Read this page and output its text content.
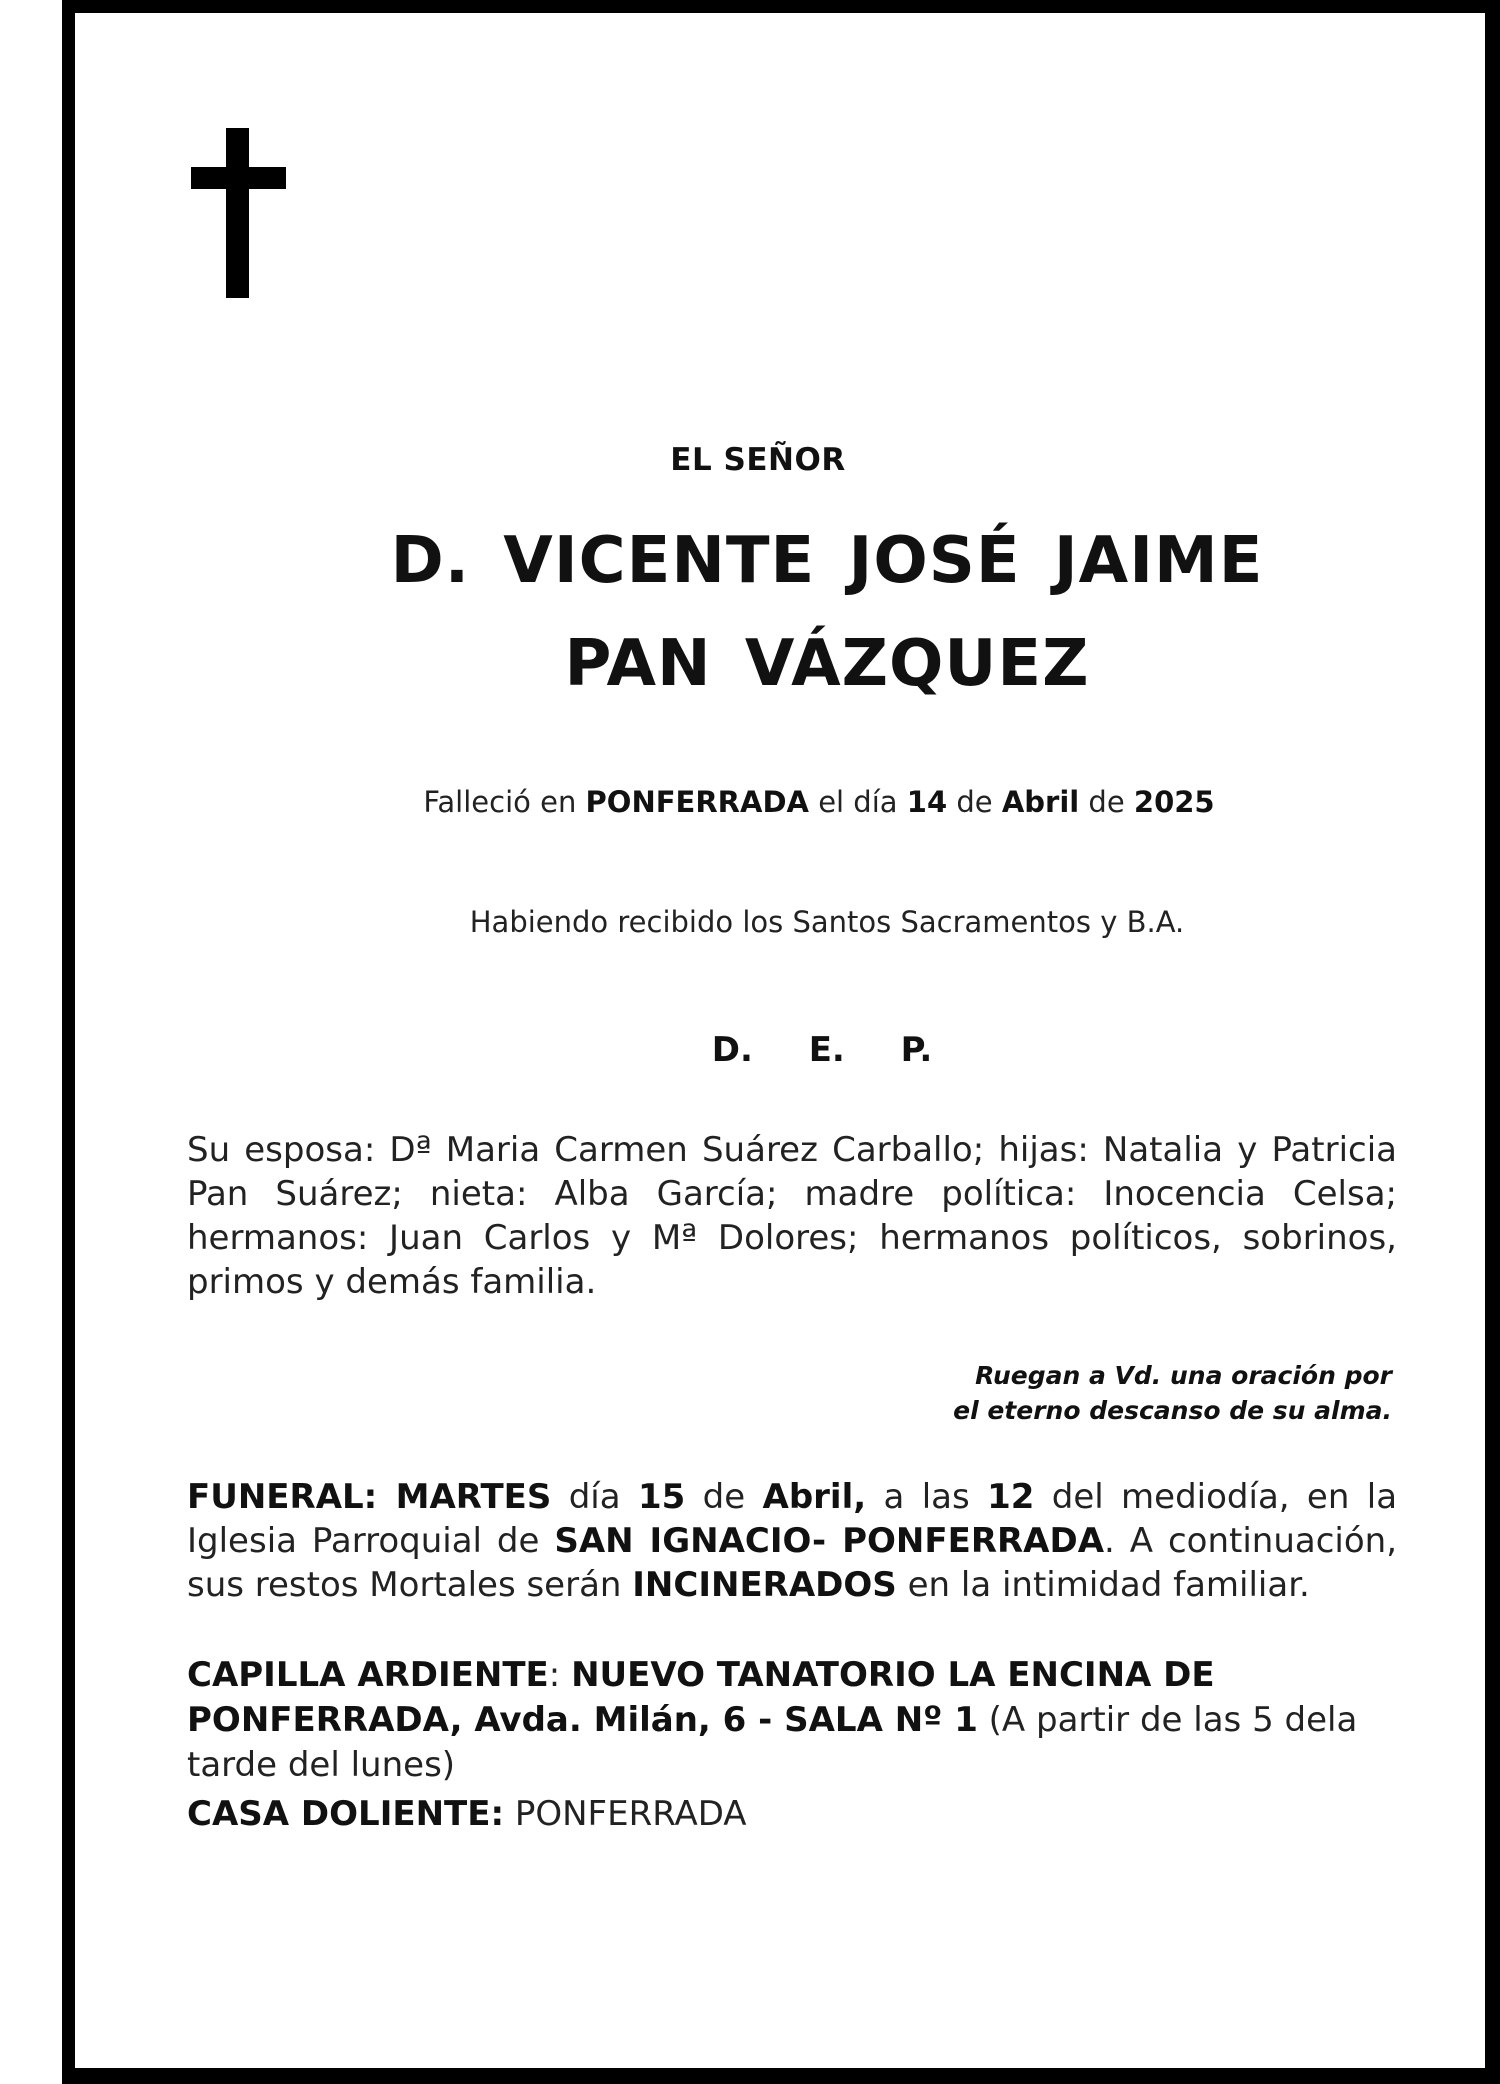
EL SEÑOR
D. VICENTE JOSÉ JAIME
PAN VÁZQUEZ
Falleció en PONFERRADA el día 14 de Abril de 2025
Habiendo recibido los Santos Sacramentos y B.A.
D. E. P.
Su esposa: Dª Maria Carmen Suárez Carballo; hijas: Natalia y Patricia Pan Suárez; nieta: Alba García; madre política: Inocencia Celsa; hermanos: Juan Carlos y Mª Dolores; hermanos políticos, sobrinos, primos y demás familia.
Ruegan a Vd. una oración por
el eterno descanso de su alma.
FUNERAL: MARTES día 15 de Abril, a las 12 del mediodía, en la Iglesia Parroquial de SAN IGNACIO- PONFERRADA. A continuación, sus restos Mortales serán INCINERADOS en la intimidad familiar.
CAPILLA ARDIENTE: NUEVO TANATORIO LA ENCINA DE PONFERRADA, Avda. Milán, 6 - SALA Nº 1 (A partir de las 5 dela tarde del lunes)
CASA DOLIENTE: PONFERRADA
